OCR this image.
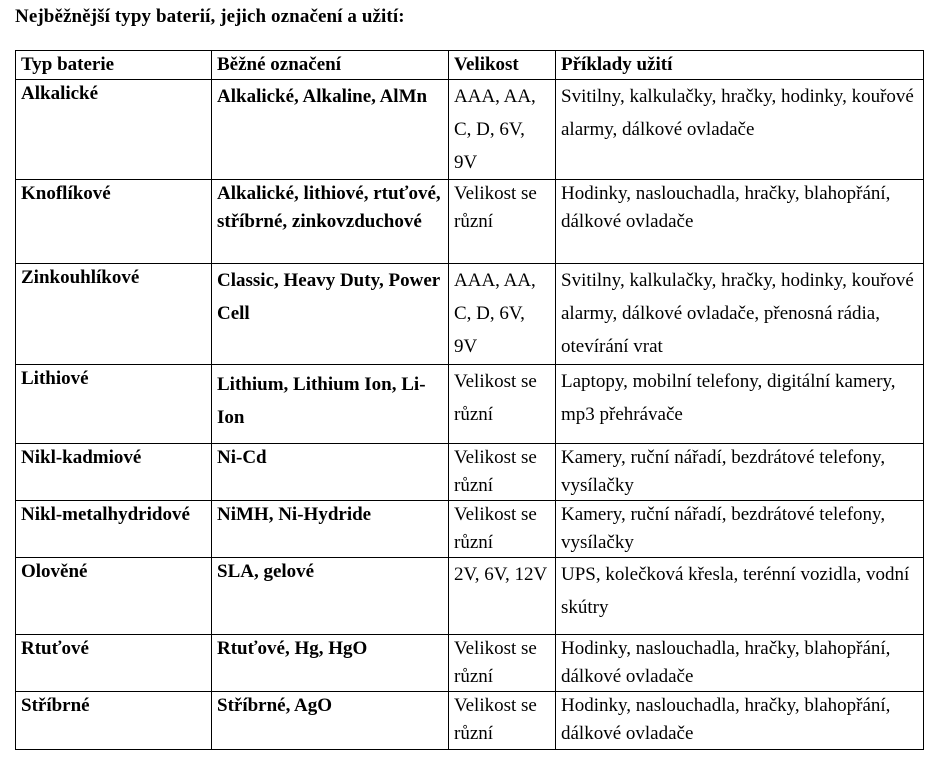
Nejběžnější typy baterií, jejich označení a užití:
Typ baterie	Běžné označení	Velikost	Příklady užití
Alkalické	Alkalické, Alkaline, AlMn	AAA, AA, C, D, 6V, 9V	Svitilny, kalkulačky, hračky, hodinky, kouřové alarmy, dálkové ovladače
Knoflíkové	Alkalické, lithiové, rtuťové, stříbrné, zinkovzduchové	Velikost se různí	Hodinky, naslouchadla, hračky, blahopřání, dálkové ovladače
Zinkouhlíkové	Classic, Heavy Duty, Power Cell	AAA, AA, C, D, 6V, 9V	Svitilny, kalkulačky, hračky, hodinky, kouřové alarmy, dálkové ovladače, přenosná rádia, otevírání vrat
Lithiové	Lithium, Lithium Ion, Li-Ion	Velikost se různí	Laptopy, mobilní telefony, digitální kamery, mp3 přehrávače
Nikl-kadmiové	Ni-Cd	Velikost se různí	Kamery, ruční nářadí, bezdrátové telefony, vysílačky
Nikl-metalhydridové	NiMH, Ni-Hydride	Velikost se různí	Kamery, ruční nářadí, bezdrátové telefony, vysílačky
Olověné	SLA, gelové	2V, 6V, 12V	UPS, kolečková křesla, terénní vozidla, vodní skútry
Rtuťové	Rtuťové, Hg, HgO	Velikost se různí	Hodinky, naslouchadla, hračky, blahopřání, dálkové ovladače
Stříbrné	Stříbrné, AgO	Velikost se různí	Hodinky, naslouchadla, hračky, blahopřání, dálkové ovladače
